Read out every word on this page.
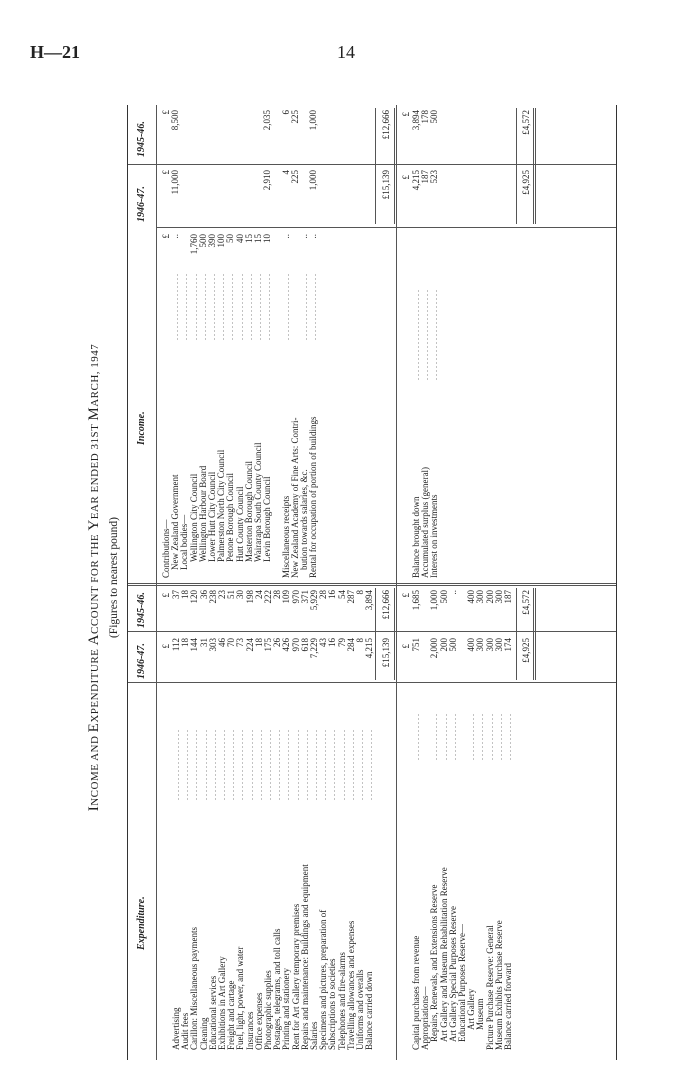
H—21	14
INCOME AND EXPENDITURE ACCOUNT FOR THE YEAR ENDED 31ST MARCH, 1947
(Figures to nearest pound)
Expenditure.
1946-47.
1945-46.
Income.
1946-47.
1945-46.
£
£
Advertising
. . . . . . . . . . . . . . . . . .
112
37
Audit fees
. . . . . . . . . . . . . . . . . .
18
18
Carillon: Miscellaneous payments
. . . . . . . . . . . . . . . . . .
144
120
Cleaning
. . . . . . . . . . . . . . . . . .
31
36
Educational services
. . . . . . . . . . . . . . . . . .
303
238
Exhibitions in Art Gallery
. . . . . . . . . . . . . . . . . .
46
23
Freight and cartage
. . . . . . . . . . . . . . . . . .
70
51
Fuel, light, power, and water
. . . . . . . . . . . . . . . . . .
73
30
Insurances
. . . . . . . . . . . . . . . . . .
224
198
Office expenses
. . . . . . . . . . . . . . . . . .
18
24
Photographic supplies
. . . . . . . . . . . . . . . . . .
175
222
Postages, telegrams, and toll calls
. . . . . . . . . . . . . . . . . .
26
28
Printing and stationery
. . . . . . . . . . . . . . . . . .
426
109
Rent for Art Gallery temporary premises
. . . . . . . . . . . . . . . . . .
970
970
Repairs and maintenance: Buildings and equipment
. . . . . . . . . . . . . . . . . .
618
371
Salaries
. . . . . . . . . . . . . . . . . .
7,229
5,929
Specimens and pictures, preparation of
. . . . . . . . . . . . . . . . . .
43
28
Subscriptions to societies
. . . . . . . . . . . . . . . . . .
16
16
Telephones and fire-alarms
. . . . . . . . . . . . . . . . . .
79
54
Travelling allowances and expenses
. . . . . . . . . . . . . . . . . .
284
287
Uniforms and overalls
. . . . . . . . . . . . . . . . . .
8
8
Balance carried down
. . . . . . . . . . . . . . . . . .
4,215
3,894
£15,139
£12,666
£
£
Capital purchases from revenue
. . . . . . . . . . . .
751
1,685
Appropriations— Repairs, Renewals, and Extensions Reserve
. . . . . . . . . . . .
2,000
1,000
Art Gallery and Museum Rehabilitation Reserve
. . . . . . . . . . . .
200
500
Art Gallery Special Purposes Reserve
. . . . . . . . . . . .
500
..
Educational Purposes Reserve— Art Gallery
. . . . . . . . . . . .
400
400
Museum
. . . . . . . . . . . .
300
300
Picture Purchase Reserve: General
. . . . . . . . . . . .
300
200
Museum Exhibits Purchase Reserve
. . . . . . . . . . . .
300
300
Balance carried forward
. . . . . . . . . . . .
174
187
£4,925
£4,572
Contributions—
£
£
£
New Zealand Government
. . . . . . . . . . . . . . . . .
..
11,000
8,500
Local bodies—
. . . . . . . . . . . . . . . . .
Wellington City Council
. . . . . . . . . . . . . . . . .
1,760
Wellington Harbour Board
. . . . . . . . . . . . . . . . .
500
Lower Hutt City Council
. . . . . . . . . . . . . . . . .
390
Palmerston North City Council
. . . . . . . . . . . . . . . . .
100
Petone Borough Council
. . . . . . . . . . . . . . . . .
50
Hutt County Council
. . . . . . . . . . . . . . . . .
40
Masterton Borough Council
. . . . . . . . . . . . . . . . .
15
Wairarapa South County Council
. . . . . . . . . . . . . . . . .
15
Levin Borough Council
. . . . . . . . . . . . . . . . .
10
2,910
2,035
Miscellaneous receipts
. . . . . . . . . . . . . . . . .
..
4
6
New Zealand Academy of Fine Arts: Contri-
225
225
bution towards salaries, &c.
. . . . . . . . . . . . . . . . .
..
Rental for occupation of portion of buildings
. . . . . . . . . . . . . . . . .
..
1,000
1,000
£15,139
£12,666
£
£
Balance brought down
. . . . . . . . . . . . . . . . . . . . . . .
4,215
3,894
Accumulated surplus (general)
. . . . . . . . . . . . . . . . . . . . . . .
187
178
Interest on investments
. . . . . . . . . . . . . . . . . . . . . . .
523
500
£4,925
£4,572
